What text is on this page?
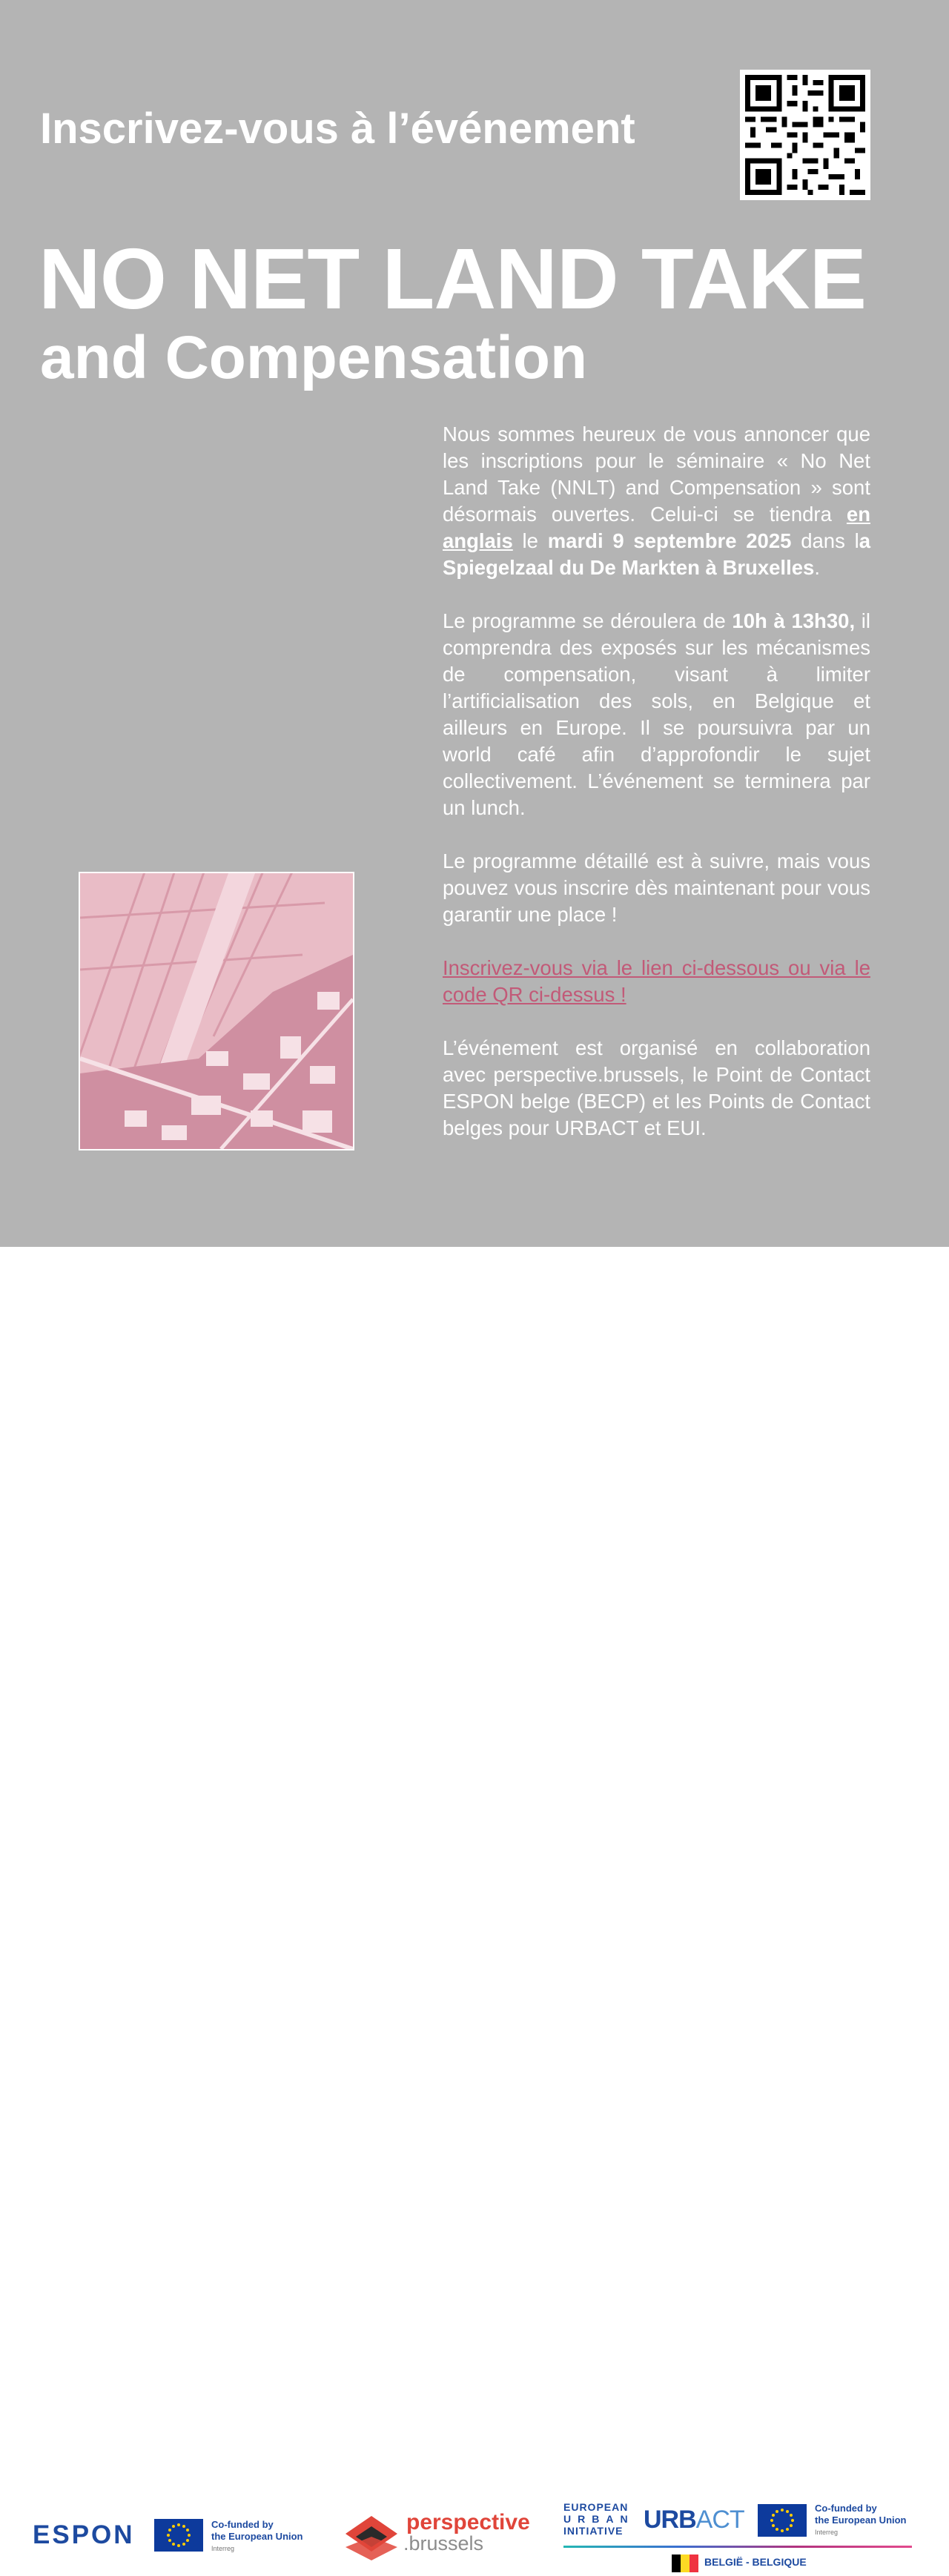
Inscrivez-vous à l’événement
NO NET LAND TAKE
and Compensation

Nous sommes heureux de vous annoncer que les inscriptions pour le séminaire « No Net Land Take (NNLT) and Compensation » sont désormais ouvertes. Celui-ci se tiendra en anglais le mardi 9 septembre 2025 dans la Spiegelzaal du De Markten à Bruxelles.

Le programme se déroulera de 10h à 13h30, il comprendra des exposés sur les mécanismes de compensation, visant à limiter l’artificialisation des sols, en Belgique et ailleurs en Europe. Il se poursuivra par un world café afin d’approfondir le sujet collectivement. L’événement se terminera par un lunch.

Le programme détaillé est à suivre, mais vous pouvez vous inscrire dès maintenant pour vous garantir une place !

Inscrivez-vous via le lien ci-dessous ou via le code QR ci-dessus !

L’événement est organisé en collaboration avec perspective.brussels, le Point de Contact ESPON belge (BECP) et les Points de Contact belges pour URBACT et EUI.

ESPON	Co-funded by
the European Union
Interreg
perspective
.brussels
EUROPEAN
URBAN
INITIATIVE URBACT	Co-funded by
the European Union
Interreg
BELGIË - BELGIQUE
